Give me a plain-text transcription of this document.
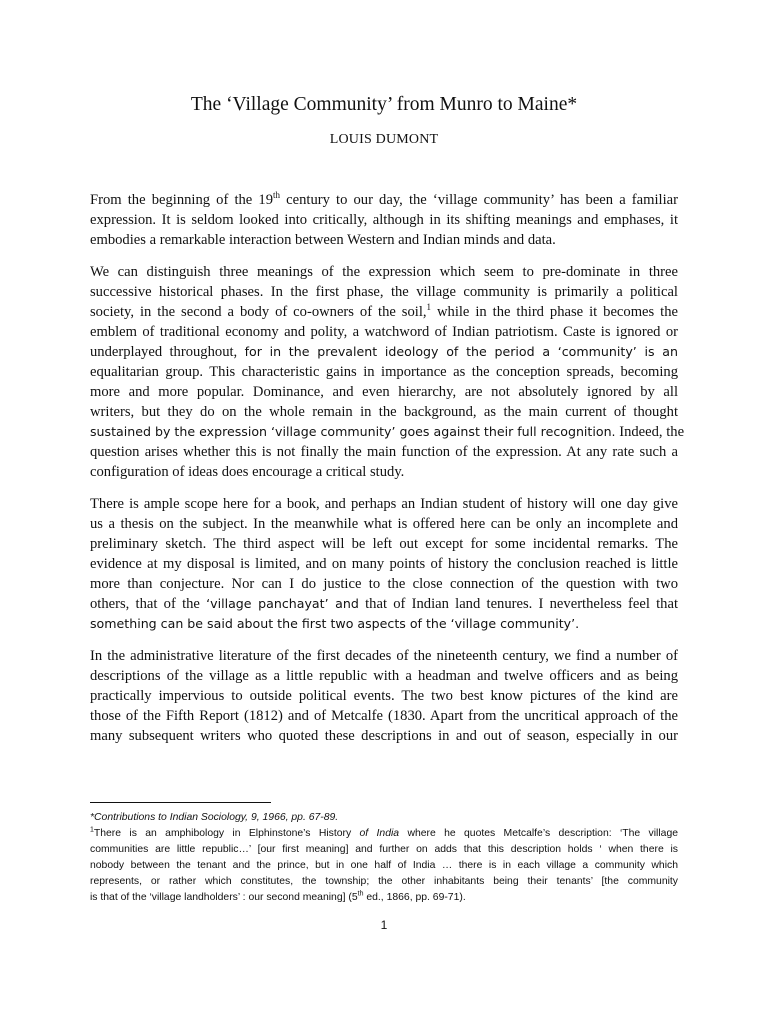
The ‘Village Community’ from Munro to Maine*
LOUIS DUMONT

From the beginning of the 19th century to our day, the ‘village community’ has been a familiar
expression. It is seldom looked into critically, although in its shifting meanings and emphases, it
embodies a remarkable interaction between Western and Indian minds and data.

We can distinguish three meanings of the expression which seem to pre-dominate in three
successive historical phases. In the first phase, the village community is primarily a political
society, in the second a body of co-owners of the soil,$^1$ while in the third phase it becomes the
emblem of traditional economy and polity, a watchword of Indian patriotism. Caste is ignored or
underplayed throughout, for in the prevalent ideology of the period a ‘community’ is an
equalitarian group. This characteristic gains in importance as the conception spreads, becoming
more and more popular. Dominance, and even hierarchy, are not absolutely ignored by all
writers, but they do on the whole remain in the background, as the main current of thought
sustained by the expression ‘village community’ goes against their full recognition. Indeed, the
question arises whether this is not finally the main function of the expression. At any rate such a
configuration of ideas does encourage a critical study.

There is ample scope here for a book, and perhaps an Indian student of history will one day give
us a thesis on the subject. In the meanwhile what is offered here can be only an incomplete and
preliminary sketch. The third aspect will be left out except for some incidental remarks. The
evidence at my disposal is limited, and on many points of history the conclusion reached is little
more than conjecture. Nor can I do justice to the close connection of the question with two
others, that of the ‘village panchayat’ and that of Indian land tenures. I nevertheless feel that
something can be said about the first two aspects of the ‘village community’.

In the administrative literature of the first decades of the nineteenth century, we find a number of
descriptions of the village as a little republic with a headman and twelve officers and as being
practically impervious to outside political events. The two best know pictures of the kind are
those of the Fifth Report (1812) and of Metcalfe (1830. Apart from the uncritical approach of the
many subsequent writers who quoted these descriptions in and out of season, especially in our

*Contributions to Indian Sociology, 9, 1966, pp. 67-89.
$^1$There is an amphibology in Elphinstone’s History of India where he quotes Metcalfe’s description: ‘The village
communities are little republic…’ [our first meaning] and further on adds that this description holds ‘ when there is
nobody between the tenant and the prince, but in one half of India … there is in each village a community which
represents, or rather which constitutes, the township; the other inhabitants being their tenants’ [the community
is that of the ‘village landholders’ : our second meaning] (5th ed., 1866, pp. 69-71).
1
